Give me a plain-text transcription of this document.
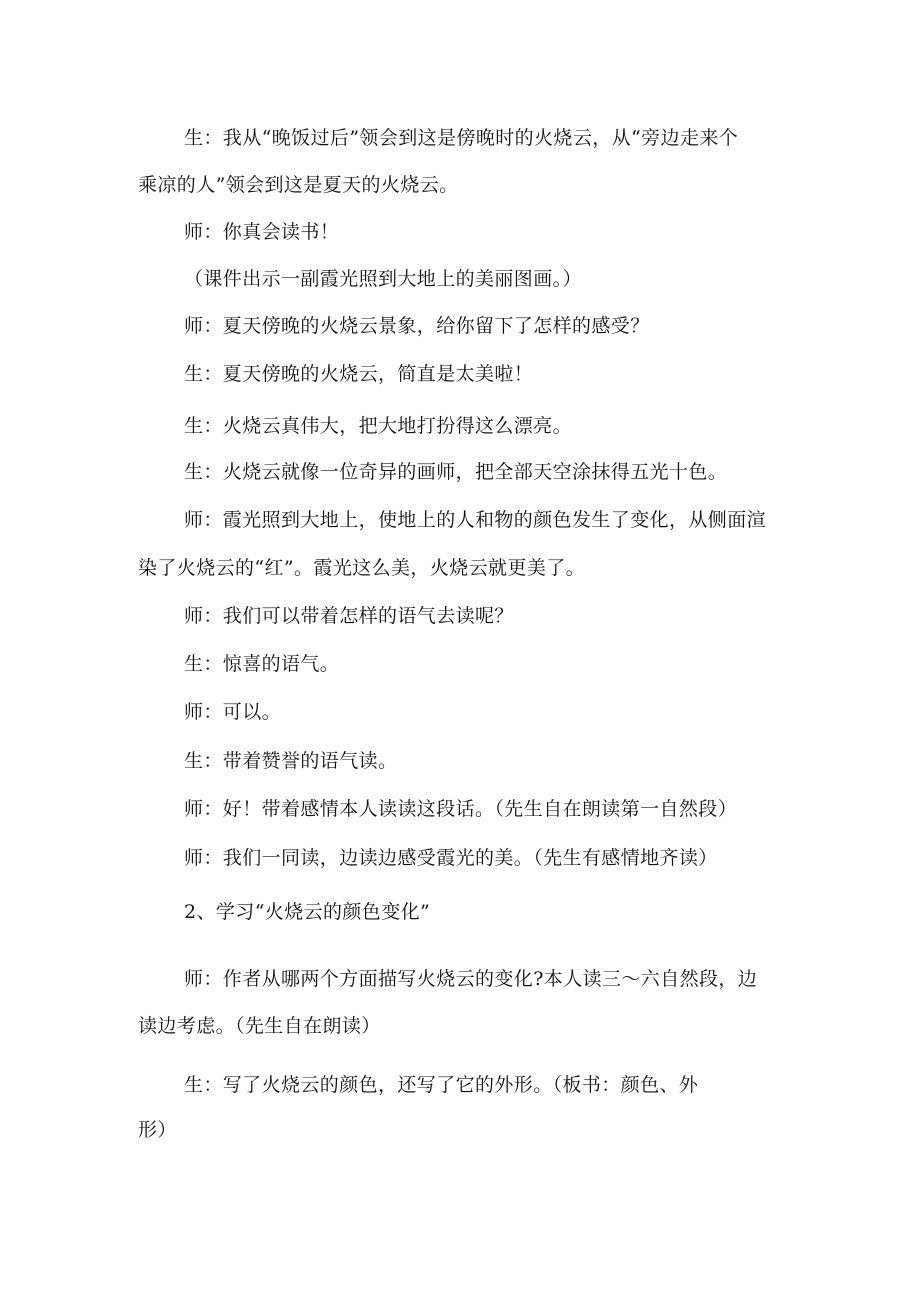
生：我从“晚饭过后”领会到这是傍晚时的火烧云，从“旁边走来个
乘凉的人”领会到这是夏天的火烧云。
师：你真会读书！
（课件出示一副霞光照到大地上的美丽图画。）
师：夏天傍晚的火烧云景象，给你留下了怎样的感受？
生：夏天傍晚的火烧云，简直是太美啦！
生：火烧云真伟大，把大地打扮得这么漂亮。
生：火烧云就像一位奇异的画师，把全部天空涂抹得五光十色。
师：霞光照到大地上，使地上的人和物的颜色发生了变化，从侧面渲
染了火烧云的“红”。霞光这么美，火烧云就更美了。
师：我们可以带着怎样的语气去读呢？
生：惊喜的语气。
师：可以。
生：带着赞誉的语气读。
师：好！带着感情本人读读这段话。（先生自在朗读第一自然段）
师：我们一同读，边读边感受霞光的美。（先生有感情地齐读）
2、学习“火烧云的颜色变化”
师：作者从哪两个方面描写火烧云的变化?本人读三～六自然段，边
读边考虑。（先生自在朗读）
生：写了火烧云的颜色，还写了它的外形。（板书：颜色、外
形）
